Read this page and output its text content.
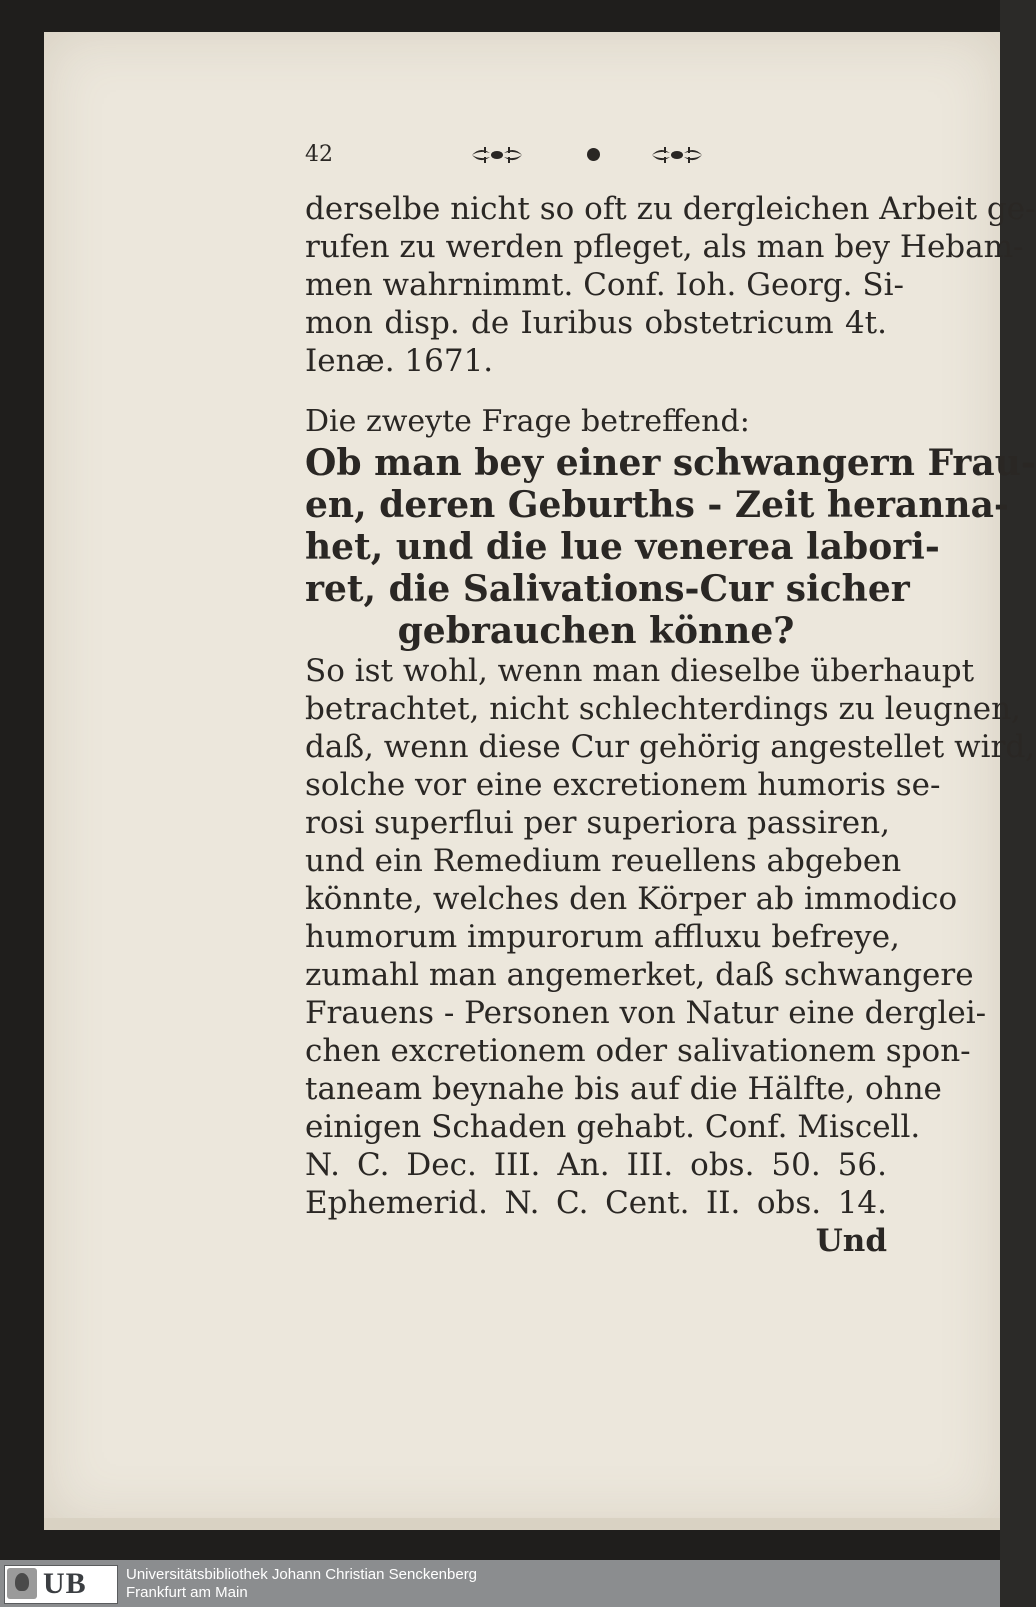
42
derselbe nicht so oft zu dergleichen Arbeit ge-
rufen zu werden pfleget, als man bey Hebam-
men wahrnimmt. Conf. Ioh. Georg. Si-
mon disp. de Iuribus obstetricum 4t.
Ienæ. 1671.
Die zweyte Frage betreffend:
Ob man bey einer schwangern Frau-
en, deren Geburths - Zeit heranna-
het, und die lue venerea labori-
ret, die Salivations-Cur sicher
gebrauchen könne?
So ist wohl, wenn man dieselbe überhaupt
betrachtet, nicht schlechterdings zu leugnen,
daß, wenn diese Cur gehörig angestellet wird,
solche vor eine excretionem humoris se-
rosi superflui per superiora passiren,
und ein Remedium reuellens abgeben
könnte, welches den Körper ab immodico
humorum impurorum affluxu befreye,
zumahl man angemerket, daß schwangere
Frauens - Personen von Natur eine derglei-
chen excretionem oder salivationem spon-
taneam beynahe bis auf die Hälfte, ohne
einigen Schaden gehabt. Conf. Miscell.
N. C. Dec. III. An. III. obs. 50. 56.
Ephemerid. N. C. Cent. II. obs. 14.
Und
UB	Universitätsbibliothek Johann Christian Senckenberg
Frankfurt am Main
